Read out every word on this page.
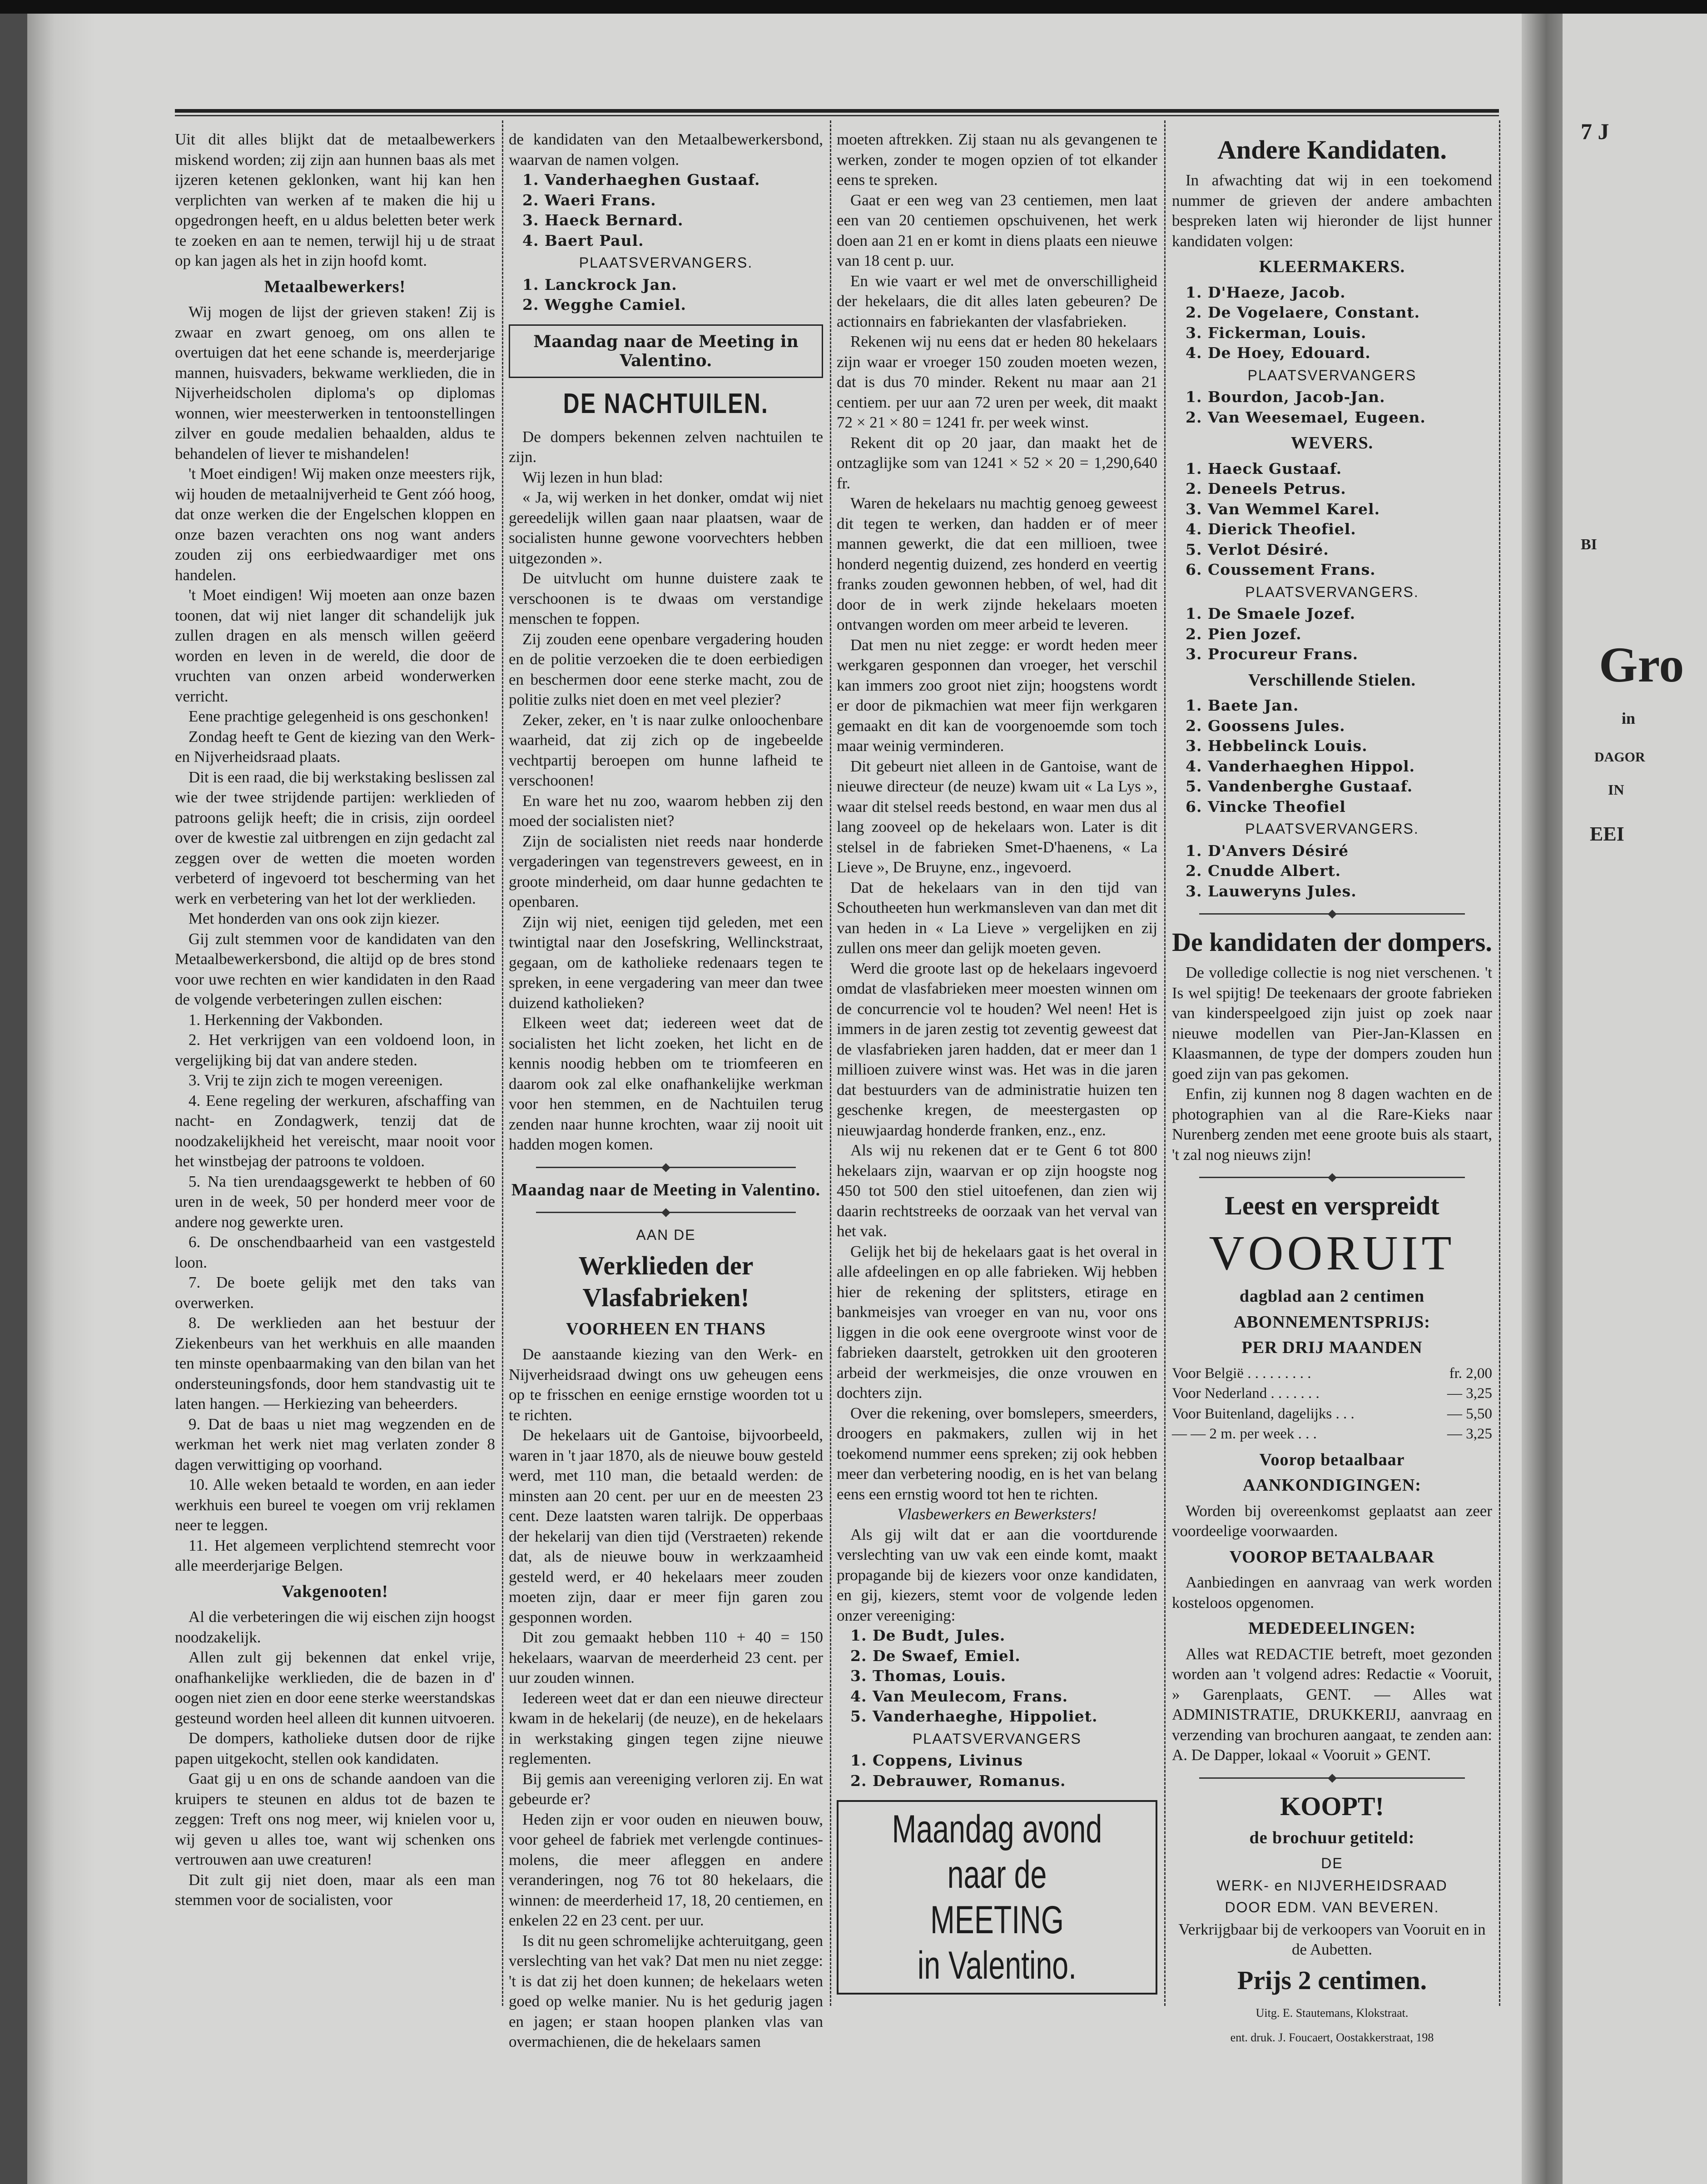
7 J
BI
Gro
in
DAGOR
IN
EEI

Uit dit alles blijkt dat de metaalbewerkers miskend worden; zij zijn aan hunnen baas als met ijzeren ketenen geklonken, want hij kan hen verplichten van werken af te maken die hij u opgedrongen heeft, en u aldus beletten beter werk te zoeken en aan te nemen, terwijl hij u de straat op kan jagen als het in zijn hoofd komt.

Metaalbewerkers!

Wij mogen de lijst der grieven staken! Zij is zwaar en zwart genoeg, om ons allen te overtuigen dat het eene schande is, meerderjarige mannen, huisvaders, bekwame werklieden, die in Nijverheidscholen diploma's op diplomas wonnen, wier meesterwerken in tentoonstellingen zilver en goude medalien behaalden, aldus te behandelen of liever te mishandelen!

't Moet eindigen! Wij maken onze meesters rijk, wij houden de metaalnijverheid te Gent zóó hoog, dat onze werken die der Engelschen kloppen en onze bazen verachten ons nog want anders zouden zij ons eerbiedwaardiger met ons handelen.

't Moet eindigen! Wij moeten aan onze bazen toonen, dat wij niet langer dit schandelijk juk zullen dragen en als mensch willen geëerd worden en leven in de wereld, die door de vruchten van onzen arbeid wonderwerken verricht.

Eene prachtige gelegenheid is ons geschonken!

Zondag heeft te Gent de kiezing van den Werk- en Nijverheidsraad plaats.

Dit is een raad, die bij werkstaking beslissen zal wie der twee strijdende partijen: werklieden of patroons gelijk heeft; die in crisis, zijn oordeel over de kwestie zal uitbrengen en zijn gedacht zal zeggen over de wetten die moeten worden verbeterd of ingevoerd tot bescherming van het werk en verbetering van het lot der werklieden.

Met honderden van ons ook zijn kiezer.

Gij zult stemmen voor de kandidaten van den Metaalbewerkersbond, die altijd op de bres stond voor uwe rechten en wier kandidaten in den Raad de volgende verbeteringen zullen eischen:

1. Herkenning der Vakbonden.

2. Het verkrijgen van een voldoend loon, in vergelijking bij dat van andere steden.

3. Vrij te zijn zich te mogen vereenigen.

4. Eene regeling der werkuren, afschaffing van nacht- en Zondagwerk, tenzij dat de noodzakelijkheid het vereischt, maar nooit voor het winstbejag der patroons te voldoen.

5. Na tien urendaagsgewerkt te hebben of 60 uren in de week, 50 per honderd meer voor de andere nog gewerkte uren.

6. De onschendbaarheid van een vastgesteld loon.

7. De boete gelijk met den taks van overwerken.

8. De werklieden aan het bestuur der Ziekenbeurs van het werkhuis en alle maanden ten minste openbaarmaking van den bilan van het ondersteuningsfonds, door hem standvastig uit te laten hangen. — Herkiezing van beheerders.

9. Dat de baas u niet mag wegzenden en de werkman het werk niet mag verlaten zonder 8 dagen verwittiging op voorhand.

10. Alle weken betaald te worden, en aan ieder werkhuis een bureel te voegen om vrij reklamen neer te leggen.

11. Het algemeen verplichtend stemrecht voor alle meerderjarige Belgen.

Vakgenooten!

Al die verbeteringen die wij eischen zijn hoogst noodzakelijk.

Allen zult gij bekennen dat enkel vrije, onafhankelijke werklieden, die de bazen in d' oogen niet zien en door eene sterke weerstandskas gesteund worden heel alleen dit kunnen uitvoeren.

De dompers, katholieke dutsen door de rijke papen uitgekocht, stellen ook kandidaten.

Gaat gij u en ons de schande aandoen van die kruipers te steunen en aldus tot de bazen te zeggen: Treft ons nog meer, wij knielen voor u, wij geven u alles toe, want wij schenken ons vertrouwen aan uwe creaturen!

Dit zult gij niet doen, maar als een man stemmen voor de socialisten, voor

de kandidaten van den Metaalbewerkersbond, waarvan de namen volgen.

1. Vanderhaeghen Gustaaf.
2. Waeri Frans.
3. Haeck Bernard.
4. Baert Paul.
PLAATSVERVANGERS.
1. Lanckrock Jan.
2. Wegghe Camiel.
Maandag naar de Meeting in Valentino.
DE NACHTUILEN.

De dompers bekennen zelven nachtuilen te zijn.

Wij lezen in hun blad:

« Ja, wij werken in het donker, omdat wij niet gereedelijk willen gaan naar plaatsen, waar de socialisten hunne gewone voorvechters hebben uitgezonden ».

De uitvlucht om hunne duistere zaak te verschoonen is te dwaas om verstandige menschen te foppen.

Zij zouden eene openbare vergadering houden en de politie verzoeken die te doen eerbiedigen en beschermen door eene sterke macht, zou de politie zulks niet doen en met veel plezier?

Zeker, zeker, en 't is naar zulke onloochenbare waarheid, dat zij zich op de ingebeelde vechtpartij beroepen om hunne lafheid te verschoonen!

En ware het nu zoo, waarom hebben zij den moed der socialisten niet?

Zijn de socialisten niet reeds naar honderde vergaderingen van tegenstrevers geweest, en in groote minderheid, om daar hunne gedachten te openbaren.

Zijn wij niet, eenigen tijd geleden, met een twintigtal naar den Josefskring, Wellinckstraat, gegaan, om de katholieke redenaars tegen te spreken, in eene vergadering van meer dan twee duizend katholieken?

Elkeen weet dat; iedereen weet dat de socialisten het licht zoeken, het licht en de kennis noodig hebben om te triomfeeren en daarom ook zal elke onafhankelijke werkman voor hen stemmen, en de Nachtuilen terug zenden naar hunne krochten, waar zij nooit uit hadden mogen komen.

Maandag naar de Meeting in Valentino.
AAN DE
Werklieden der Vlasfabrieken!
VOORHEEN EN THANS

De aanstaande kiezing van den Werk- en Nijverheidsraad dwingt ons uw geheugen eens op te frisschen en eenige ernstige woorden tot u te richten.

De hekelaars uit de Gantoise, bijvoorbeeld, waren in 't jaar 1870, als de nieuwe bouw gesteld werd, met 110 man, die betaald werden: de minsten aan 20 cent. per uur en de meesten 23 cent. Deze laatsten waren talrijk. De opperbaas der hekelarij van dien tijd (Verstraeten) rekende dat, als de nieuwe bouw in werkzaamheid gesteld werd, er 40 hekelaars meer zouden moeten zijn, daar er meer fijn garen zou gesponnen worden.

Dit zou gemaakt hebben 110 + 40 = 150 hekelaars, waarvan de meerderheid 23 cent. per uur zouden winnen.

Iedereen weet dat er dan een nieuwe directeur kwam in de hekelarij (de neuze), en de hekelaars in werkstaking gingen tegen zijne nieuwe reglementen.

Bij gemis aan vereeniging verloren zij. En wat gebeurde er?

Heden zijn er voor ouden en nieuwen bouw, voor geheel de fabriek met verlengde continues-molens, die meer afleggen en andere veranderingen, nog 76 tot 80 hekelaars, die winnen: de meerderheid 17, 18, 20 centiemen, en enkelen 22 en 23 cent. per uur.

Is dit nu geen schromelijke achteruitgang, geen verslechting van het vak? Dat men nu niet zegge: 't is dat zij het doen kunnen; de hekelaars weten goed op welke manier. Nu is het gedurig jagen en jagen; er staan hoopen planken vlas van overmachienen, die de hekelaars samen

moeten aftrekken. Zij staan nu als gevangenen te werken, zonder te mogen opzien of tot elkander eens te spreken.

Gaat er een weg van 23 centiemen, men laat een van 20 centiemen opschuivenen, het werk doen aan 21 en er komt in diens plaats een nieuwe van 18 cent p. uur.

En wie vaart er wel met de onverschilligheid der hekelaars, die dit alles laten gebeuren? De actionnairs en fabriekanten der vlasfabrieken.

Rekenen wij nu eens dat er heden 80 hekelaars zijn waar er vroeger 150 zouden moeten wezen, dat is dus 70 minder. Rekent nu maar aan 21 centiem. per uur aan 72 uren per week, dit maakt 72 × 21 × 80 = 1241 fr. per week winst.

Rekent dit op 20 jaar, dan maakt het de ontzaglijke som van 1241 × 52 × 20 = 1,290,640 fr.

Waren de hekelaars nu machtig genoeg geweest dit tegen te werken, dan hadden er of meer mannen gewerkt, die dat een millioen, twee honderd negentig duizend, zes honderd en veertig franks zouden gewonnen hebben, of wel, had dit door de in werk zijnde hekelaars moeten ontvangen worden om meer arbeid te leveren.

Dat men nu niet zegge: er wordt heden meer werkgaren gesponnen dan vroeger, het verschil kan immers zoo groot niet zijn; hoogstens wordt er door de pikmachien wat meer fijn werkgaren gemaakt en dit kan de voorgenoemde som toch maar weinig verminderen.

Dit gebeurt niet alleen in de Gantoise, want de nieuwe directeur (de neuze) kwam uit « La Lys », waar dit stelsel reeds bestond, en waar men dus al lang zooveel op de hekelaars won. Later is dit stelsel in de fabrieken Smet-D'haenens, « La Lieve », De Bruyne, enz., ingevoerd.

Dat de hekelaars van in den tijd van Schoutheeten hun werkmansleven van dan met dit van heden in « La Lieve » vergelijken en zij zullen ons meer dan gelijk moeten geven.

Werd die groote last op de hekelaars ingevoerd omdat de vlasfabrieken meer moesten winnen om de concurrencie vol te houden? Wel neen! Het is immers in de jaren zestig tot zeventig geweest dat de vlasfabrieken jaren hadden, dat er meer dan 1 millioen zuivere winst was. Het was in die jaren dat bestuurders van de administratie huizen ten geschenke kregen, de meestergasten op nieuwjaardag honderde franken, enz., enz.

Als wij nu rekenen dat er te Gent 6 tot 800 hekelaars zijn, waarvan er op zijn hoogste nog 450 tot 500 den stiel uitoefenen, dan zien wij daarin rechtstreeks de oorzaak van het verval van het vak.

Gelijk het bij de hekelaars gaat is het overal in alle afdeelingen en op alle fabrieken. Wij hebben hier de rekening der splitsters, etirage en bankmeisjes van vroeger en van nu, voor ons liggen in die ook eene overgroote winst voor de fabrieken daarstelt, getrokken uit den grooteren arbeid der werkmeisjes, die onze vrouwen en dochters zijn.

Over die rekening, over bomslepers, smeerders, droogers en pakmakers, zullen wij in het toekomend nummer eens spreken; zij ook hebben meer dan verbetering noodig, en is het van belang eens een ernstig woord tot hen te richten.

Vlasbewerkers en Bewerksters!

Als gij wilt dat er aan die voortdurende verslechting van uw vak een einde komt, maakt propagande bij de kiezers voor onze kandidaten, en gij, kiezers, stemt voor de volgende leden onzer vereeniging:

1. De Budt, Jules.
2. De Swaef, Emiel.
3. Thomas, Louis.
4. Van Meulecom, Frans.
5. Vanderhaeghe, Hippoliet.
PLAATSVERVANGERS
1. Coppens, Livinus
2. Debrauwer, Romanus.
Maandag avond
naar de MEETING
in Valentino.
Andere Kandidaten.

In afwachting dat wij in een toekomend nummer de grieven der andere ambachten bespreken laten wij hieronder de lijst hunner kandidaten volgen:

KLEERMAKERS.
1. D'Haeze, Jacob.
2. De Vogelaere, Constant.
3. Fickerman, Louis.
4. De Hoey, Edouard.
PLAATSVERVANGERS
1. Bourdon, Jacob-Jan.
2. Van Weesemael, Eugeen.
WEVERS.
1. Haeck Gustaaf.
2. Deneels Petrus.
3. Van Wemmel Karel.
4. Dierick Theofiel.
5. Verlot Désiré.
6. Coussement Frans.
PLAATSVERVANGERS.
1. De Smaele Jozef.
2. Pien Jozef.
3. Procureur Frans.
Verschillende Stielen.
1. Baete Jan.
2. Goossens Jules.
3. Hebbelinck Louis.
4. Vanderhaeghen Hippol.
5. Vandenberghe Gustaaf.
6. Vincke Theofiel
PLAATSVERVANGERS.
1. D'Anvers Désiré
2. Cnudde Albert.
3. Lauweryns Jules.
De kandidaten der dompers.

De volledige collectie is nog niet verschenen. 't Is wel spijtig! De teekenaars der groote fabrieken van kinderspeelgoed zijn juist op zoek naar nieuwe modellen van Pier-Jan-Klassen en Klaasmannen, de type der dompers zouden hun goed zijn van pas gekomen.

Enfin, zij kunnen nog 8 dagen wachten en de photographien van al die Rare-Kieks naar Nurenberg zenden met eene groote buis als staart, 't zal nog nieuws zijn!

Leest en verspreidt
VOORUIT
dagblad aan 2 centimen
ABONNEMENTSPRIJS:
PER DRIJ MAANDEN
Voor België . . . . . . . . .	fr. 2,00
Voor Nederland . . . . . . .	— 3,25
Voor Buitenland, dagelijks . . .	— 5,50
— — 2 m. per week . . .	— 3,25
Voorop betaalbaar
AANKONDIGINGEN:

Worden bij overeenkomst geplaatst aan zeer voordeelige voorwaarden.

VOOROP BETAALBAAR

Aanbiedingen en aanvraag van werk worden kosteloos opgenomen.

MEDEDEELINGEN:

Alles wat REDACTIE betreft, moet gezonden worden aan 't volgend adres: Redactie « Vooruit, » Garenplaats, GENT. — Alles wat ADMINISTRATIE, DRUKKERIJ, aanvraag en verzending van brochuren aangaat, te zenden aan: A. De Dapper, lokaal « Vooruit » GENT.

KOOPT!
de brochuur getiteld:
DE
WERK- en NIJVERHEIDSRAAD
DOOR EDM. VAN BEVEREN.
Verkrijgbaar bij de verkoopers van Vooruit en in de Aubetten.
Prijs 2 centimen.
Uitg. E. Stautemans, Klokstraat.
ent. druk. J. Foucaert, Oostakkerstraat, 198
